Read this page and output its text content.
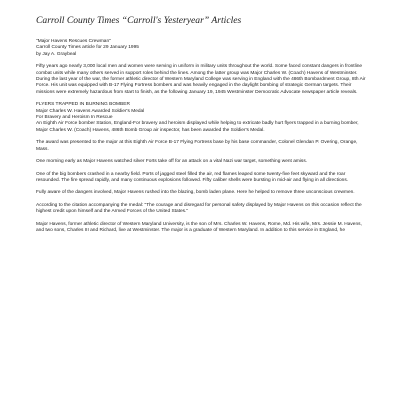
Carroll County Times “Carroll's Yesteryear” Articles
"Major Havens Rescues Crewman"
Carroll County Times article for 29 January 1995
by Jay A. Graybeal

Fifty years ago nearly 3,000 local men and women were serving in uniform in military units throughout the world. Some faced constant dangers in frontline combat units while many others served in support roles behind the lines. Among the latter group was Major Charles W. (Coach) Havens of Westminster. During the last year of the war, the former athletic director of Western Maryland College was serving in England with the 486th Bombardment Group, 8th Air Force. His unit was equipped with B-17 Flying Fortress bombers and was heavily engaged in the daylight bombing of strategic German targets. Their missions were extremely hazardous from start to finish, as the following January 19, 1945 Westminster Democratic Advocate newspaper article reveals.

FLYERS TRAPPED IN BURNING BOMBER
Major Charles W. Havens Awarded Soldier's Medal
For Bravery and Heroism In Rescue

An Eighth Air Force bomber Station, England-For bravery and heroism displayed while helping to extricate badly hurt flyers trapped in a burning bomber, Major Charles W. (Coach) Havens, 486th Bomb Group air inspector, has been awarded the Soldier's Medal.

The award was presented to the major at this Eighth Air Force B-17 Flying Fortress base by his base commander, Colonel Glendan P. Overing, Orange, Mass.

One morning early as Major Havens watched silver Forts take off for an attack on a vital Nazi war target, something went amiss.

One of the big bombers crashed in a nearby field. Ports of jagged steel filled the air, red flames leaped some twenty-five feet skyward and the roar resounded. The fire spread rapidly, and many continuous explosions followed. Fifty caliber shells were bursting in mid-air and flying in all directions.

Fully aware of the dangers involved, Major Havens rushed into the blazing, bomb laden plane. Here he helped to remove three unconscious crewmen.

According to the citation accompanying the medal: "The courage and disregard for personal safety displayed by Major Havens on this occasion reflect the highest credit upon himself and the Armed Forces of the United States."

Major Havens, former athletic director of Western Maryland University, is the son of Mrs. Charles W. Havens, Rome, Md. His wife, Mrs. Jessie M. Havens, and two sons, Charles III and Richard, live at Westminster. The major is a graduate of Western Maryland. In addition to this service in England, he
